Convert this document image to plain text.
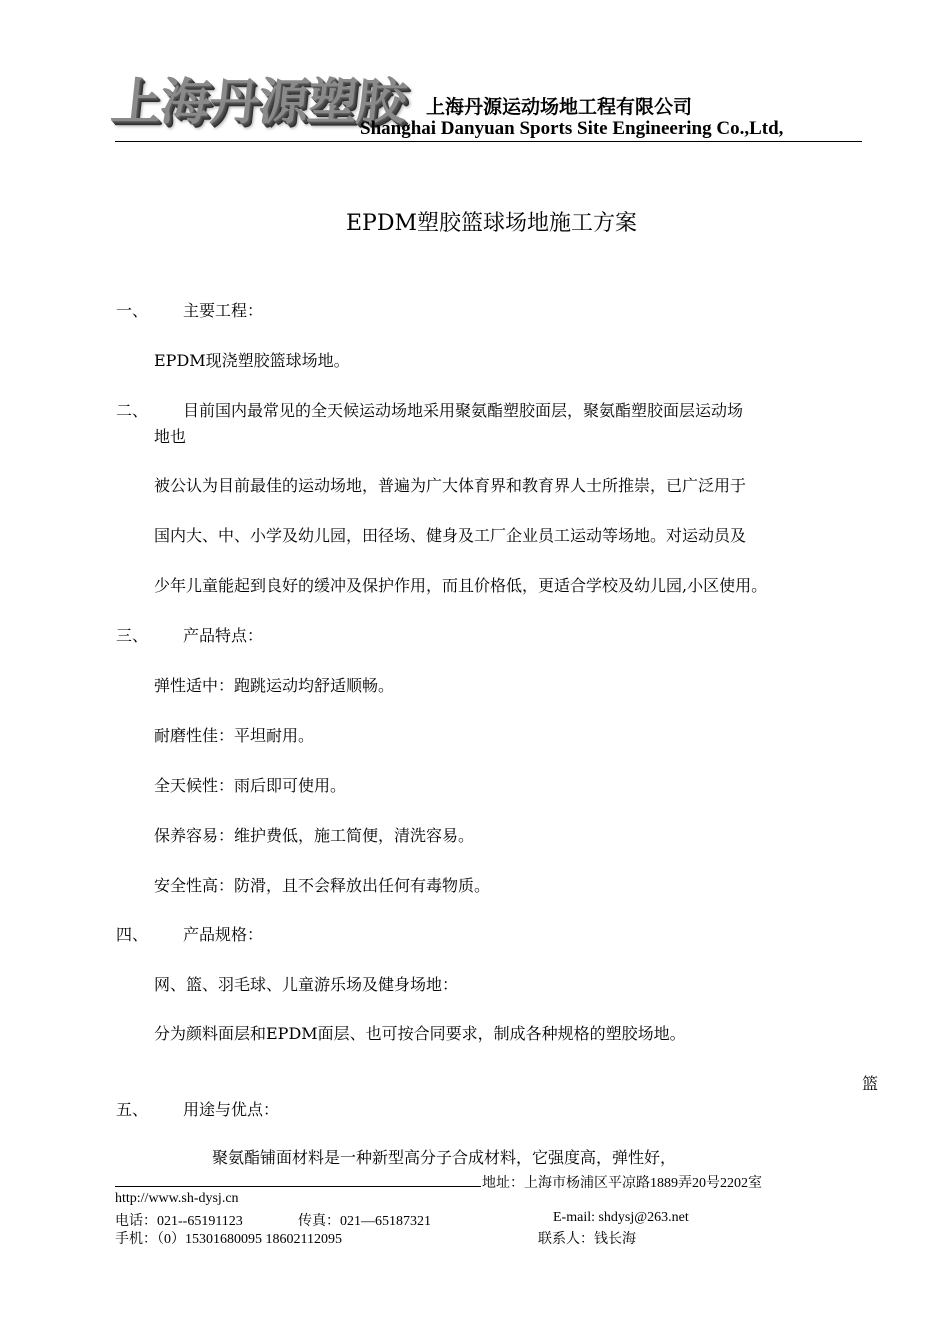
上海丹源塑胶 上海丹源运动场地工程有限公司
Shanghai Danyuan Sports Site Engineering Co.,Ltd,
EPDM塑胶篮球场地施工方案
一、 主要工程：
EPDM现浇塑胶篮球场地。
二、 目前国内最常见的全天候运动场地采用聚氨酯塑胶面层，聚氨酯塑胶面层运动场
地也
被公认为目前最佳的运动场地，普遍为广大体育界和教育界人士所推崇，已广泛用于
国内大、中、小学及幼儿园，田径场、健身及工厂企业员工运动等场地。对运动员及
少年儿童能起到良好的缓冲及保护作用，而且价格低，更适合学校及幼儿园,小区使用。
三、 产品特点：
弹性适中：跑跳运动均舒适顺畅。
耐磨性佳：平坦耐用。
全天候性：雨后即可使用。
保养容易：维护费低，施工简便，清洗容易。
安全性高：防滑，且不会释放出任何有毒物质。
四、 产品规格：
网、篮、羽毛球、儿童游乐场及健身场地：
分为颜料面层和EPDM面层、也可按合同要求，制成各种规格的塑胶场地。
篮
五、 用途与优点：
聚氨酯铺面材料是一种新型高分子合成材料，它强度高，弹性好，
地址：上海市杨浦区平凉路1889弄20号2202室
http://www.sh-dysj.cn
电话：021--65191123	传真：021—65187321	E-mail: shdysj@263.net
手机：（0）15301680095 18602112095	联系人：钱长海
